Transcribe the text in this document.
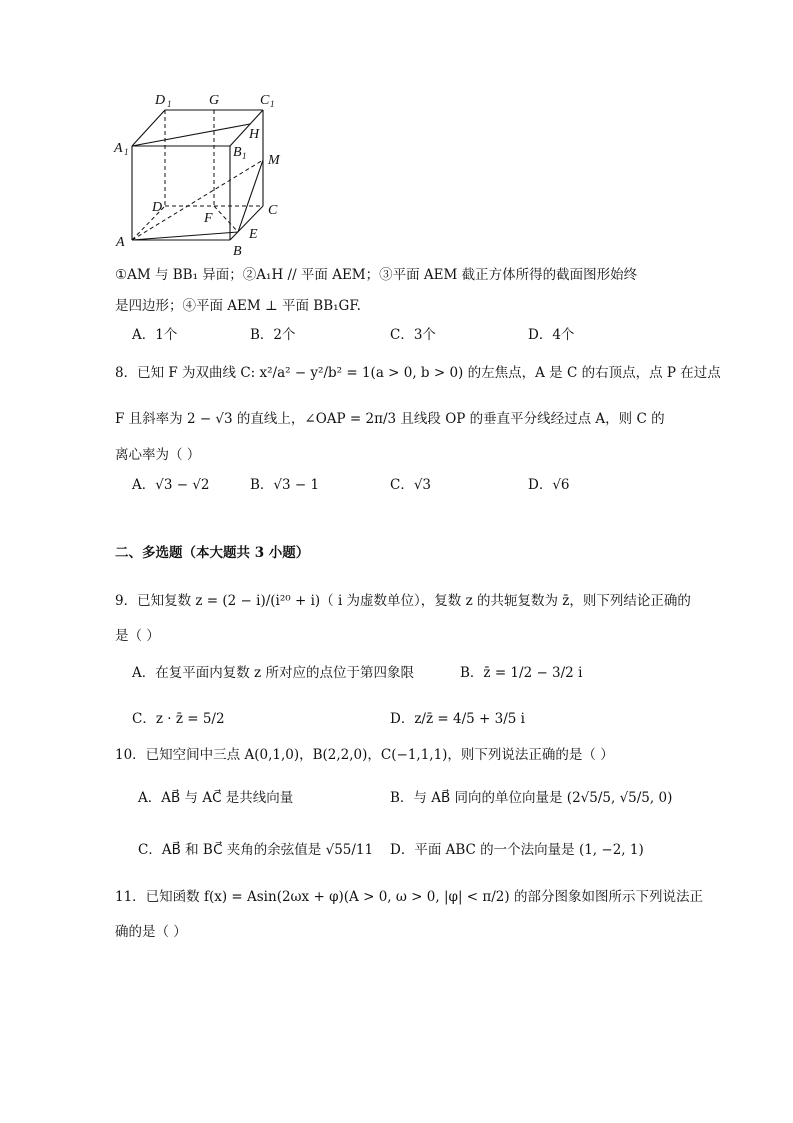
D 1	G	C 1
H
A 1	B 1 M
D
F
C
A
E
B
①AM 与 BB₁ 异面；②A₁H // 平面 AEM；③平面 AEM 截正方体所得的截面图形始终
是四边形；④平面 AEM ⊥ 平面 BB₁GF.
A．1个	B．2个	C．3个	D．4个
8．已知 F 为双曲线 C: x²/a² − y²/b² = 1(a > 0, b > 0) 的左焦点，A 是 C 的右顶点，点 P 在过点
F 且斜率为 2 − √3 的直线上，∠OAP = 2π/3 且线段 OP 的垂直平分线经过点 A，则 C 的
离心率为（ ）
A．√3 − √2	B．√3 − 1	C．√3	D．√6
二、多选题（本大题共 3 小题）
9．已知复数 z = (2 − i)/(i²⁰ + i)（ i 为虚数单位），复数 z 的共轭复数为 z̄，则下列结论正确的
是（ ）
A．在复平面内复数 z 所对应的点位于第四象限	B．z̄ = 1/2 − 3/2 i
C．z · z̄ = 5/2	D．z/z̄ = 4/5 + 3/5 i
10．已知空间中三点 A(0,1,0)，B(2,2,0)，C(−1,1,1)，则下列说法正确的是（ ）
A．AB⃗ 与 AC⃗ 是共线向量	B．与 AB⃗ 同向的单位向量是 (2√5/5, √5/5, 0)
C．AB⃗ 和 BC⃗ 夹角的余弦值是 √55/11 D．平面 ABC 的一个法向量是 (1, −2, 1)
11．已知函数 f(x) = Asin(2ωx + φ)(A > 0, ω > 0, |φ| < π/2) 的部分图象如图所示下列说法正
确的是（ ）
